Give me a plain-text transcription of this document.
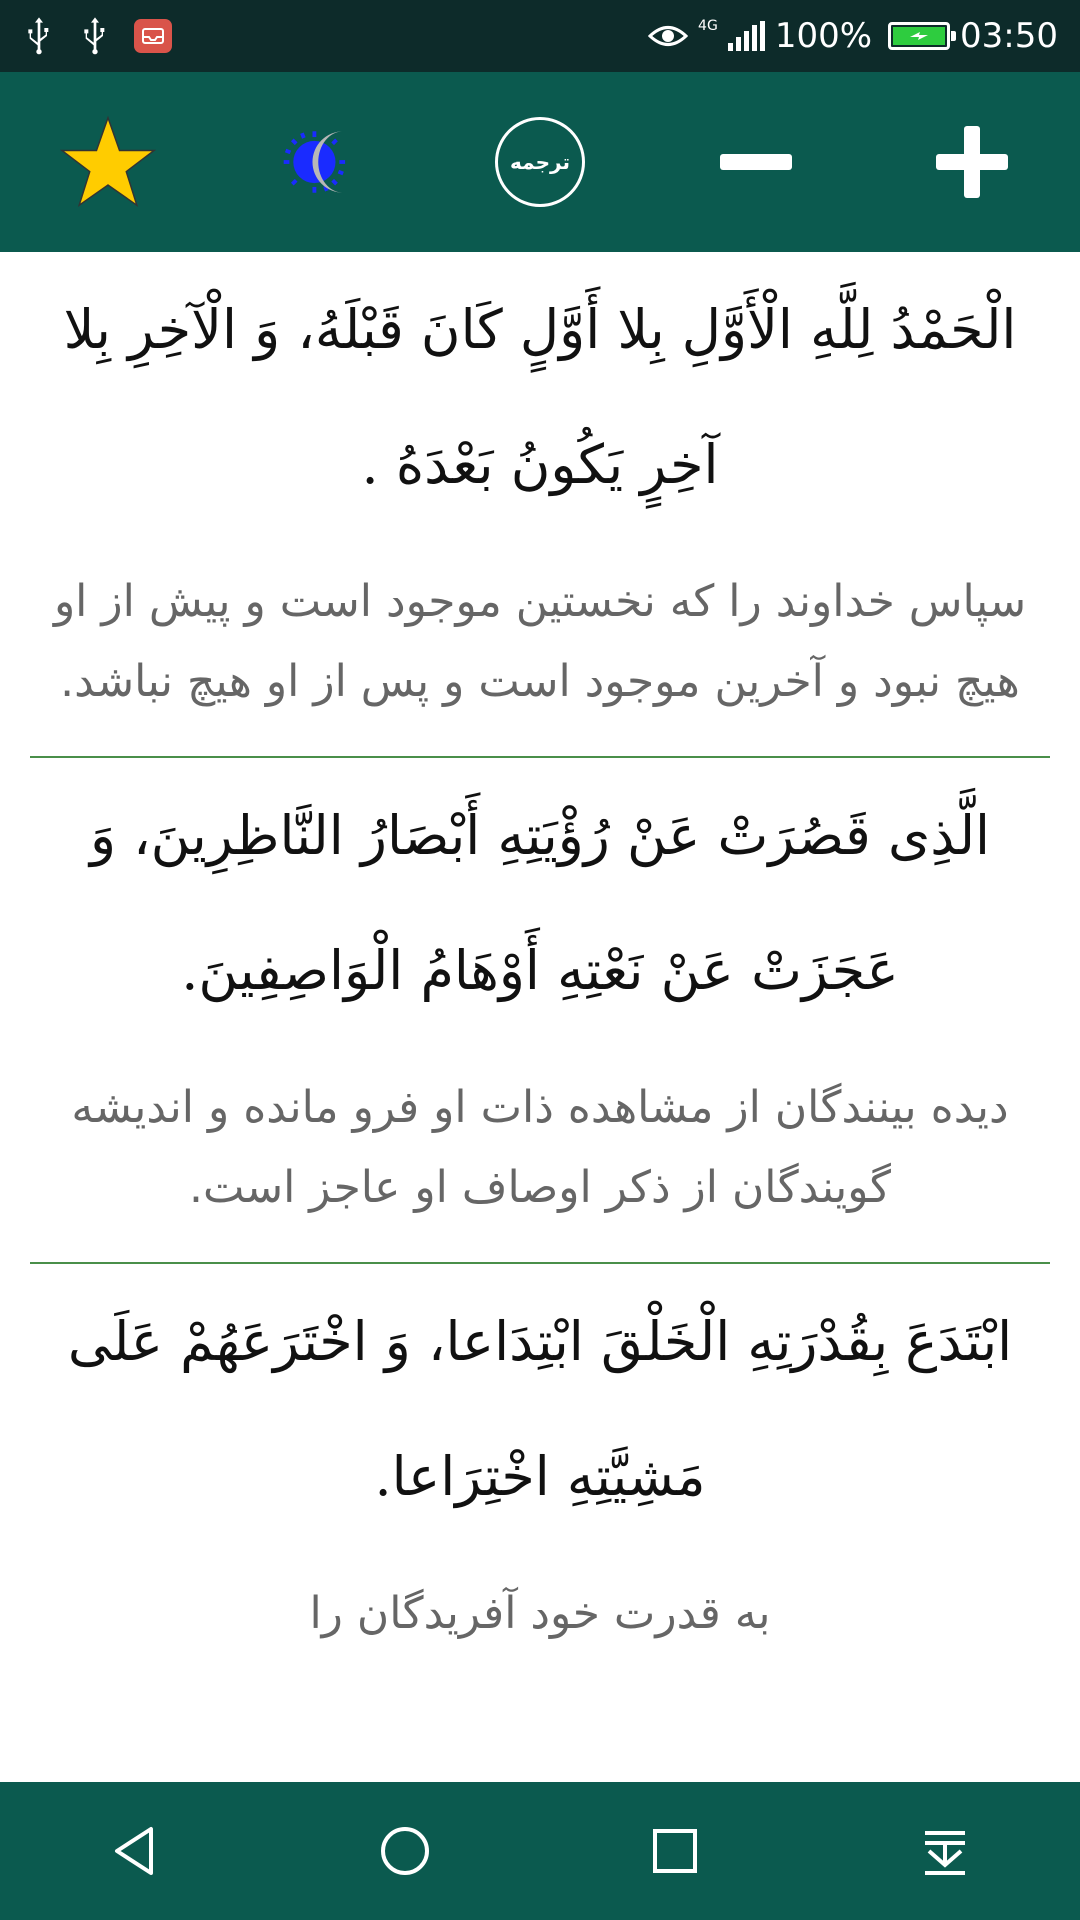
4G 100%	03:50
ترجمه

الْحَمْدُ لِلَّهِ الْأَوَّلِ بِلا أَوَّلٍ كَانَ قَبْلَهُ، وَ الْآخِرِ بِلا آخِرٍ يَكُونُ بَعْدَهُ .

سپاس خداوند را كه نخستين موجود است و پيش از او هيچ نبود و آخرين موجود است و پس از او هيچ نباشد.

الَّذِى قَصُرَتْ عَنْ رُؤْيَتِهِ أَبْصَارُ النَّاظِرِينَ، وَ عَجَزَتْ عَنْ نَعْتِهِ أَوْهَامُ الْوَاصِفِينَ.

ديده بينندگان از مشاهده ذات او فرو مانده و انديشه گويندگان از ذكر اوصاف او عاجز است.

ابْتَدَعَ بِقُدْرَتِهِ الْخَلْقَ ابْتِدَاعا، وَ اخْتَرَعَهُمْ عَلَى مَشِيَّتِهِ اخْتِرَاعا.

به قدرت خود آفريدگان را
